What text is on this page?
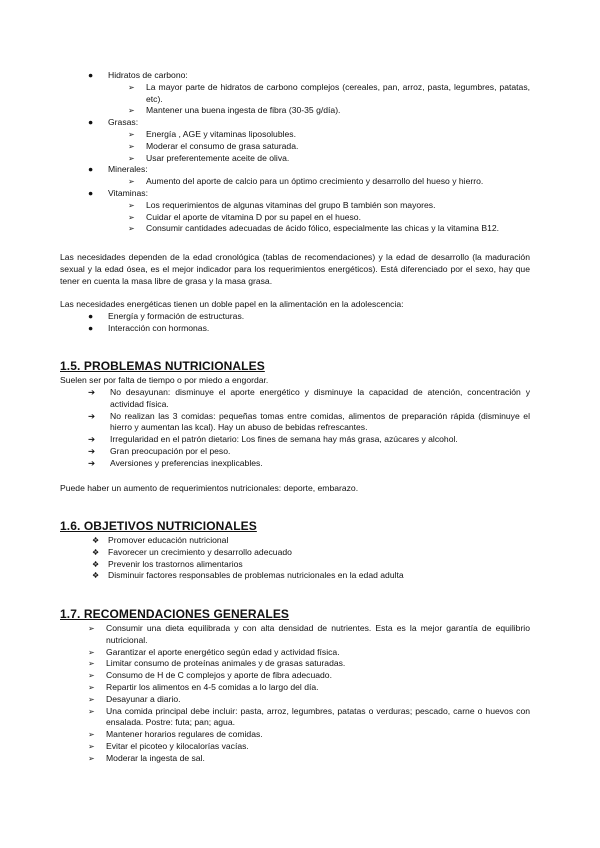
● Hidratos de carbono:
➢ La mayor parte de hidratos de carbono complejos (cereales, pan, arroz, pasta, legumbres, patatas, etc).
➢ Mantener una buena ingesta de fibra (30-35 g/día).
● Grasas:
➢ Energía , AGE y vitaminas liposolubles.
➢ Moderar el consumo de grasa saturada.
➢ Usar preferentemente aceite de oliva.
● Minerales:
➢ Aumento del aporte de calcio para un óptimo crecimiento y desarrollo del hueso y hierro.
● Vitaminas:
➢ Los requerimientos de algunas vitaminas del grupo B también son mayores.
➢ Cuidar el aporte de vitamina D por su papel en el hueso.
➢ Consumir cantidades adecuadas de ácido fólico, especialmente las chicas y la vitamina B12.

Las necesidades dependen de la edad cronológica (tablas de recomendaciones) y la edad de desarrollo (la maduración sexual y la edad ósea, es el mejor indicador para los requerimientos energéticos). Está diferenciado por el sexo, hay que tener en cuenta la masa libre de grasa y la masa grasa.

Las necesidades energéticas tienen un doble papel en la alimentación en la adolescencia:

● Energía y formación de estructuras.
● Interacción con hormonas.
1.5. PROBLEMAS NUTRICIONALES

Suelen ser por falta de tiempo o por miedo a engordar.

➔ No desayunan: disminuye el aporte energético y disminuye la capacidad de atención, concentración y actividad física.
➔ No realizan las 3 comidas: pequeñas tomas entre comidas, alimentos de preparación rápida (disminuye el hierro y aumentan las kcal). Hay un abuso de bebidas refrescantes.
➔ Irregularidad en el patrón dietario: Los fines de semana hay más grasa, azúcares y alcohol.
➔ Gran preocupación por el peso.
➔ Aversiones y preferencias inexplicables.

Puede haber un aumento de requerimientos nutricionales: deporte, embarazo.

1.6. OBJETIVOS NUTRICIONALES
❖ Promover educación nutricional
❖ Favorecer un crecimiento y desarrollo adecuado
❖ Prevenir los trastornos alimentarios
❖ Disminuir factores responsables de problemas nutricionales en la edad adulta
1.7. RECOMENDACIONES GENERALES
➢ Consumir una dieta equilibrada y con alta densidad de nutrientes. Esta es la mejor garantía de equilibrio nutricional.
➢ Garantizar el aporte energético según edad y actividad física.
➢ Limitar consumo de proteínas animales y de grasas saturadas.
➢ Consumo de H de C complejos y aporte de fibra adecuado.
➢ Repartir los alimentos en 4-5 comidas a lo largo del día.
➢ Desayunar a diario.
➢ Una comida principal debe incluir: pasta, arroz, legumbres, patatas o verduras; pescado, carne o huevos con ensalada. Postre: futa; pan; agua.
➢ Mantener horarios regulares de comidas.
➢ Evitar el picoteo y kilocalorías vacías.
➢ Moderar la ingesta de sal.
